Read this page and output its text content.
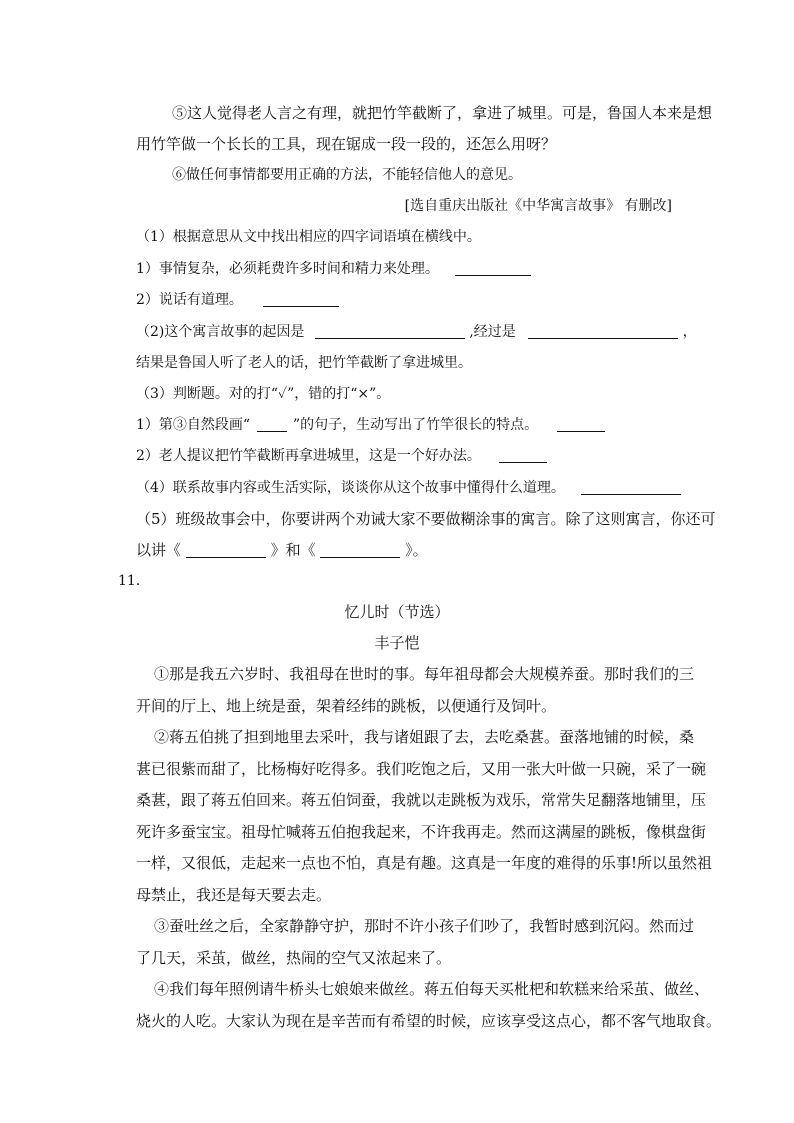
⑤这人觉得老人言之有理，就把竹竿截断了，拿进了城里。可是，鲁国人本来是想
用竹竿做一个长长的工具，现在锯成一段一段的，还怎么用呀？
⑥做任何事情都要用正确的方法，不能轻信他人的意见。
[选自重庆出版社《中华寓言故事》 有删改]
（1）根据意思从文中找出相应的四字词语填在横线中。
1）事情复杂，必须耗费许多时间和精力来处理。
2）说话有道理。
（2)这个寓言故事的起因是	,经过是	，
结果是鲁国人听了老人的话，把竹竿截断了拿进城里。
（3）判断题。对的打“✓”，错的打“×”。
1）第③自然段画“	”的句子，生动写出了竹竿很长的特点。
2）老人提议把竹竿截断再拿进城里，这是一个好办法。
（4）联系故事内容或生活实际，谈谈你从这个故事中懂得什么道理。
（5）班级故事会中，你要讲两个劝诫大家不要做糊涂事的寓言。除了这则寓言，你还可
以讲《	》和《	》。
11．
忆儿时（节选）
丰子恺
①那是我五六岁时、我祖母在世时的事。每年祖母都会大规模养蚕。那时我们的三
开间的厅上、地上统是蚕，架着经纬的跳板，以便通行及饲叶。
②蒋五伯挑了担到地里去采叶，我与诸姐跟了去，去吃桑葚。蚕落地铺的时候，桑
葚已很紫而甜了，比杨梅好吃得多。我们吃饱之后，又用一张大叶做一只碗，采了一碗
桑葚，跟了蒋五伯回来。蒋五伯饲蚕，我就以走跳板为戏乐，常常失足翻落地铺里，压
死许多蚕宝宝。祖母忙喊蒋五伯抱我起来，不许我再走。然而这满屋的跳板，像棋盘街
一样，又很低，走起来一点也不怕，真是有趣。这真是一年度的难得的乐事!所以虽然祖
母禁止，我还是每天要去走。
③蚕吐丝之后，全家静静守护，那时不许小孩子们吵了，我暂时感到沉闷。然而过
了几天，采茧，做丝，热闹的空气又浓起来了。
④我们每年照例请牛桥头七娘娘来做丝。蒋五伯每天买枇杷和软糕来给采茧、做丝、
烧火的人吃。大家认为现在是辛苦而有希望的时候，应该享受这点心，都不客气地取食。
